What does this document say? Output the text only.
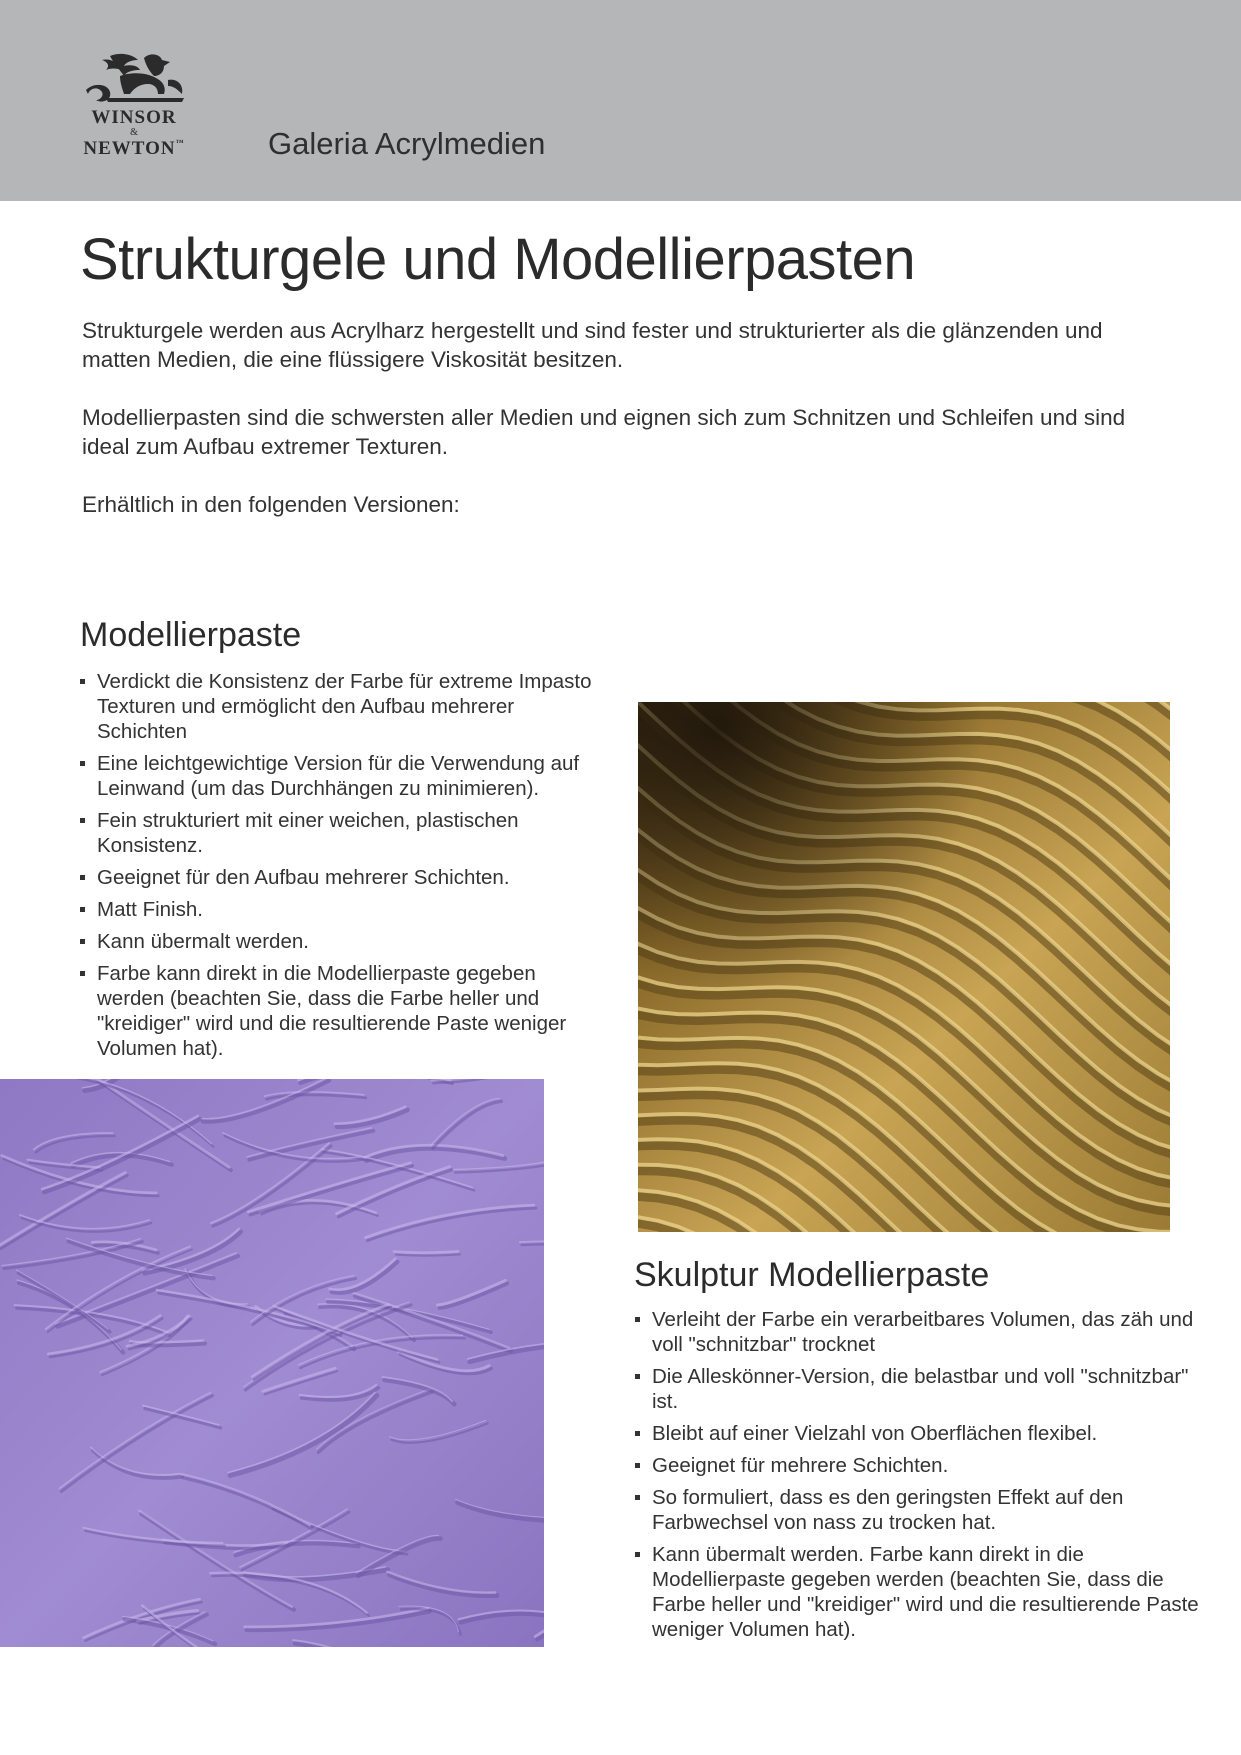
WINSOR
&
NEWTON™	Galeria Acrylmedien
Strukturgele und Modellierpasten

Strukturgele werden aus Acrylharz hergestellt und sind fester und strukturierter als die glänzenden und matten Medien, die eine flüssigere Viskosität besitzen.

Modellierpasten sind die schwersten aller Medien und eignen sich zum Schnitzen und Schleifen und sind ideal zum Aufbau extremer Texturen.

Erhältlich in den folgenden Versionen:

Modellierpaste
Verdickt die Konsistenz der Farbe für extreme Impasto Texturen und ermöglicht den Aufbau mehrerer Schichten
Eine leichtgewichtige Version für die Verwendung auf Leinwand (um das Durchhängen zu minimieren).
Fein strukturiert mit einer weichen, plastischen Konsistenz.
Geeignet für den Aufbau mehrerer Schichten.
Matt Finish.
Kann übermalt werden.
Farbe kann direkt in die Modellierpaste gegeben werden (beachten Sie, dass die Farbe heller und "kreidiger" wird und die resultierende Paste weniger Volumen hat).
Skulptur Modellierpaste
Verleiht der Farbe ein verarbeitbares Volumen, das zäh und voll "schnitzbar" trocknet
Die Alleskönner-Version, die belastbar und voll "schnitzbar" ist.
Bleibt auf einer Vielzahl von Oberflächen flexibel.
Geeignet für mehrere Schichten.
So formuliert, dass es den geringsten Effekt auf den Farbwechsel von nass zu trocken hat.
Kann übermalt werden. Farbe kann direkt in die Modellierpaste gegeben werden (beachten Sie, dass die Farbe heller und "kreidiger" wird und die resultierende Paste weniger Volumen hat).
